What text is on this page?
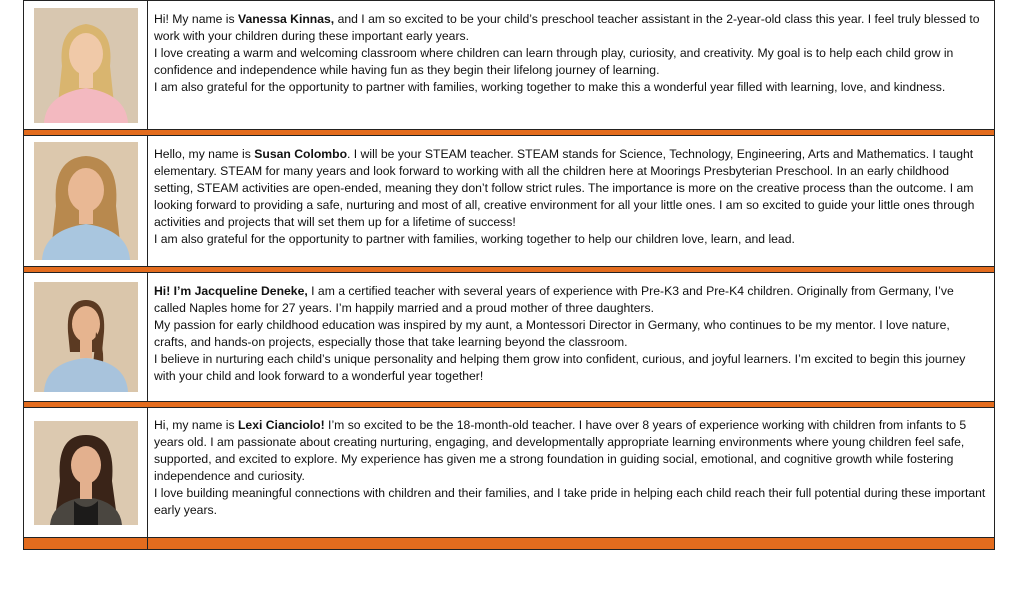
Hi! My name is Vanessa Kinnas, and I am so excited to be your child’s preschool teacher assistant in the 2-year-old class this year. I feel truly blessed to work with your children during these important early years.

I love creating a warm and welcoming classroom where children can learn through play, curiosity, and creativity. My goal is to help each child grow in confidence and independence while having fun as they begin their lifelong journey of learning.

I am also grateful for the opportunity to partner with families, working together to make this a wonderful year filled with learning, love, and kindness.

Hello, my name is Susan Colombo. I will be your STEAM teacher. STEAM stands for Science, Technology, Engineering, Arts and Mathematics. I taught elementary. STEAM for many years and look forward to working with all the children here at Moorings Presbyterian Preschool. In an early childhood setting, STEAM activities are open-ended, meaning they don’t follow strict rules. The importance is more on the creative process than the outcome. I am looking forward to providing a safe, nurturing and most of all, creative environment for all your little ones. I am so excited to guide your little ones through activities and projects that will set them up for a lifetime of success!

I am also grateful for the opportunity to partner with families, working together to help our children love, learn, and lead.

Hi! I’m Jacqueline Deneke, I am a certified teacher with several years of experience with Pre-K3 and Pre-K4 children. Originally from Germany, I’ve called Naples home for 27 years. I’m happily married and a proud mother of three daughters.

My passion for early childhood education was inspired by my aunt, a Montessori Director in Germany, who continues to be my mentor. I love nature, crafts, and hands-on projects, especially those that take learning beyond the classroom.

I believe in nurturing each child’s unique personality and helping them grow into confident, curious, and joyful learners. I’m excited to begin this journey with your child and look forward to a wonderful year together!

Hi, my name is Lexi Cianciolo! I’m so excited to be the 18-month-old teacher. I have over 8 years of experience working with children from infants to 5 years old. I am passionate about creating nurturing, engaging, and developmentally appropriate learning environments where young children feel safe, supported, and excited to explore. My experience has given me a strong foundation in guiding social, emotional, and cognitive growth while fostering independence and curiosity.

I love building meaningful connections with children and their families, and I take pride in helping each child reach their full potential during these important early years.
